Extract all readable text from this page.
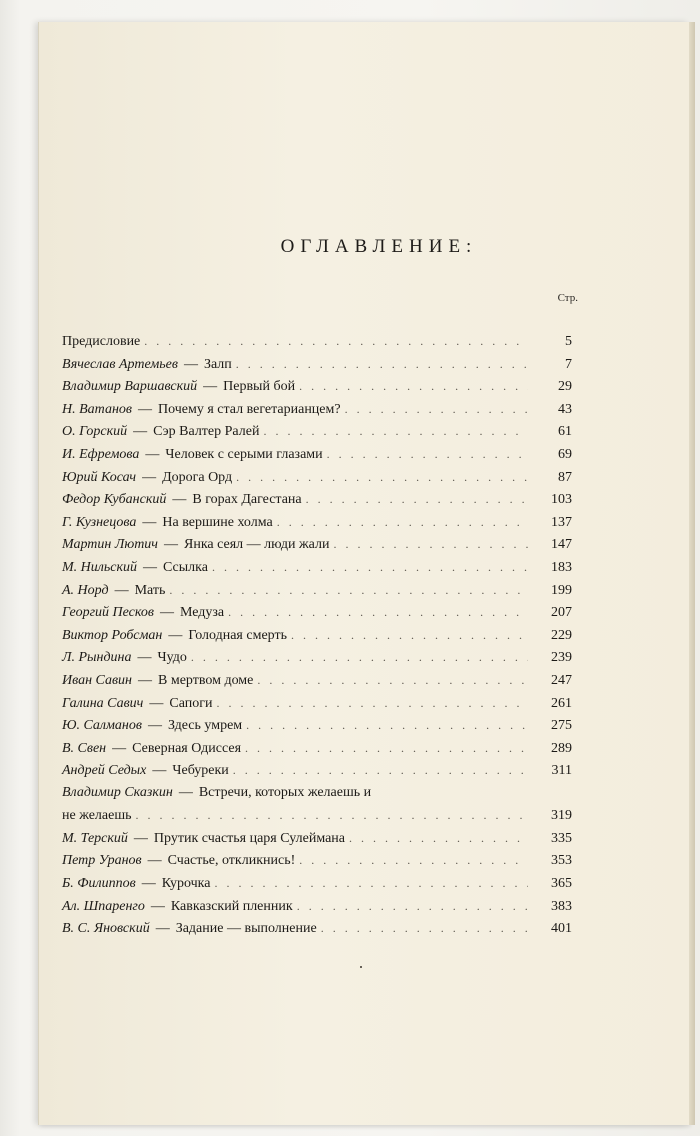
ОГЛАВЛЕНИЕ:
Стр.
Предисловие . . .	5
Вячеслав Артемьев — Залп . . .	7
Владимир Варшавский — Первый бой . . .	29
Н. Ватанов — Почему я стал вегетарианцем? . . .	43
О. Горский — Сэр Валтер Ралей . . .	61
И. Ефремова — Человек с серыми глазами . . .	69
Юрий Косач — Дорога Орд . . .	87
Федор Кубанский — В горах Дагестана . . .	103
Г. Кузнецова — На вершине холма . . .	137
Мартин Лютич — Янка сеял — люди жали . . .	147
М. Нильский — Ссылка . . .	183
А. Норд — Мать . . .	199
Георгий Песков — Медуза . . .	207
Виктор Робсман — Голодная смерть . . .	229
Л. Рындина — Чудо . . .	239
Иван Савин — В мертвом доме . . .	247
Галина Савич — Сапоги . . .	261
Ю. Салманов — Здесь умрем . . .	275
В. Свен — Северная Одиссея . . .	289
Андрей Седых — Чебуреки . . .	311
Владимир Сказкин — Встречи, которых желаешь и
не желаешь . . .	319
М. Терский — Прутик счастья царя Сулеймана . . .	335
Петр Уранов — Счастье, откликнись! . . .	353
Б. Филиппов — Курочка . . .	365
Ал. Шпаренго — Кавказский пленник . . .	383
В. С. Яновский — Задание — выполнение . . .	401
